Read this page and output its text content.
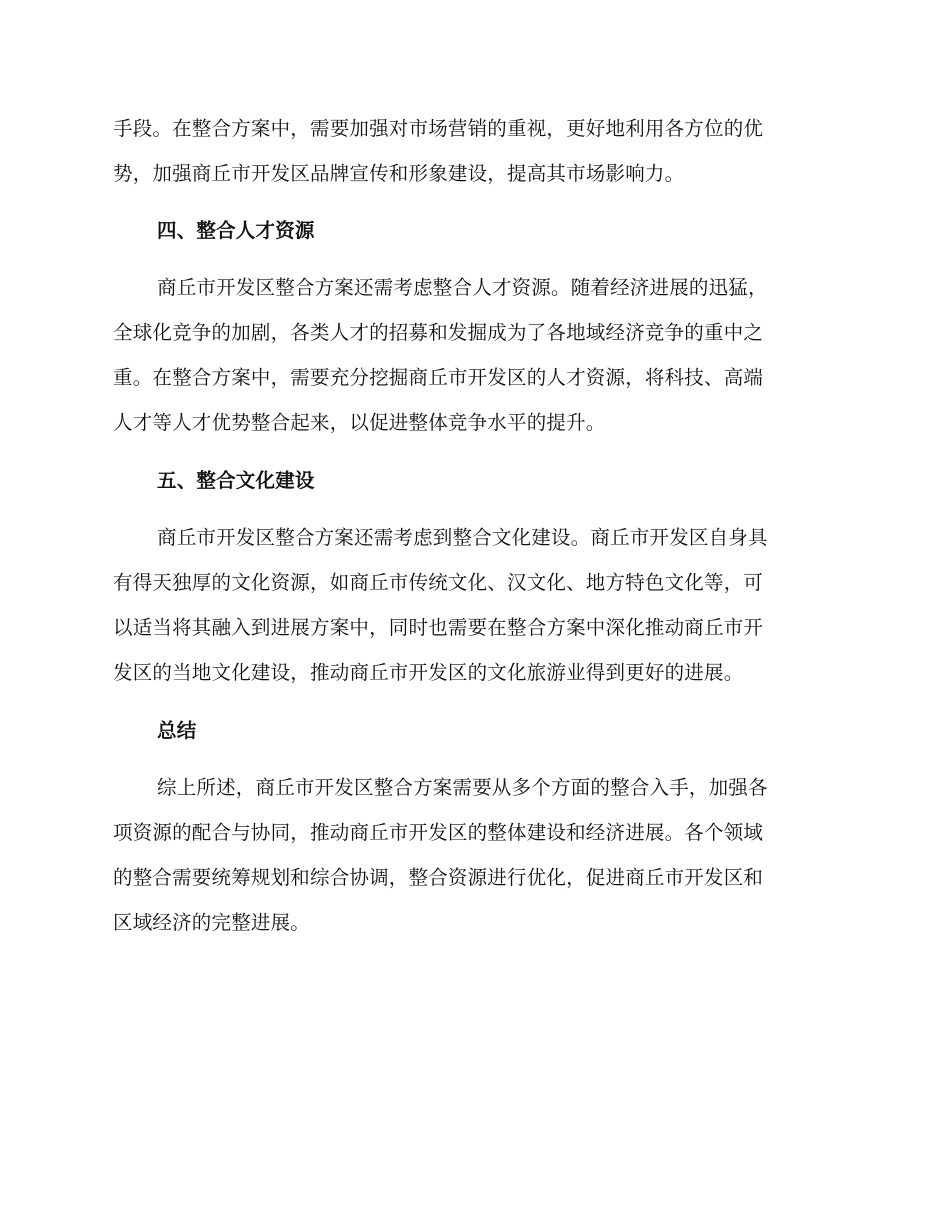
手段。在整合方案中，需要加强对市场营销的重视，更好地利用各方位的优
势，加强商丘市开发区品牌宣传和形象建设，提高其市场影响力。
四、整合人才资源
商丘市开发区整合方案还需考虑整合人才资源。随着经济进展的迅猛，
全球化竞争的加剧，各类人才的招募和发掘成为了各地域经济竞争的重中之
重。在整合方案中，需要充分挖掘商丘市开发区的人才资源，将科技、高端
人才等人才优势整合起来，以促进整体竞争水平的提升。
五、整合文化建设
商丘市开发区整合方案还需考虑到整合文化建设。商丘市开发区自身具
有得天独厚的文化资源，如商丘市传统文化、汉文化、地方特色文化等，可
以适当将其融入到进展方案中，同时也需要在整合方案中深化推动商丘市开
发区的当地文化建设，推动商丘市开发区的文化旅游业得到更好的进展。
总结
综上所述，商丘市开发区整合方案需要从多个方面的整合入手，加强各
项资源的配合与协同，推动商丘市开发区的整体建设和经济进展。各个领域
的整合需要统筹规划和综合协调，整合资源进行优化，促进商丘市开发区和
区域经济的完整进展。
